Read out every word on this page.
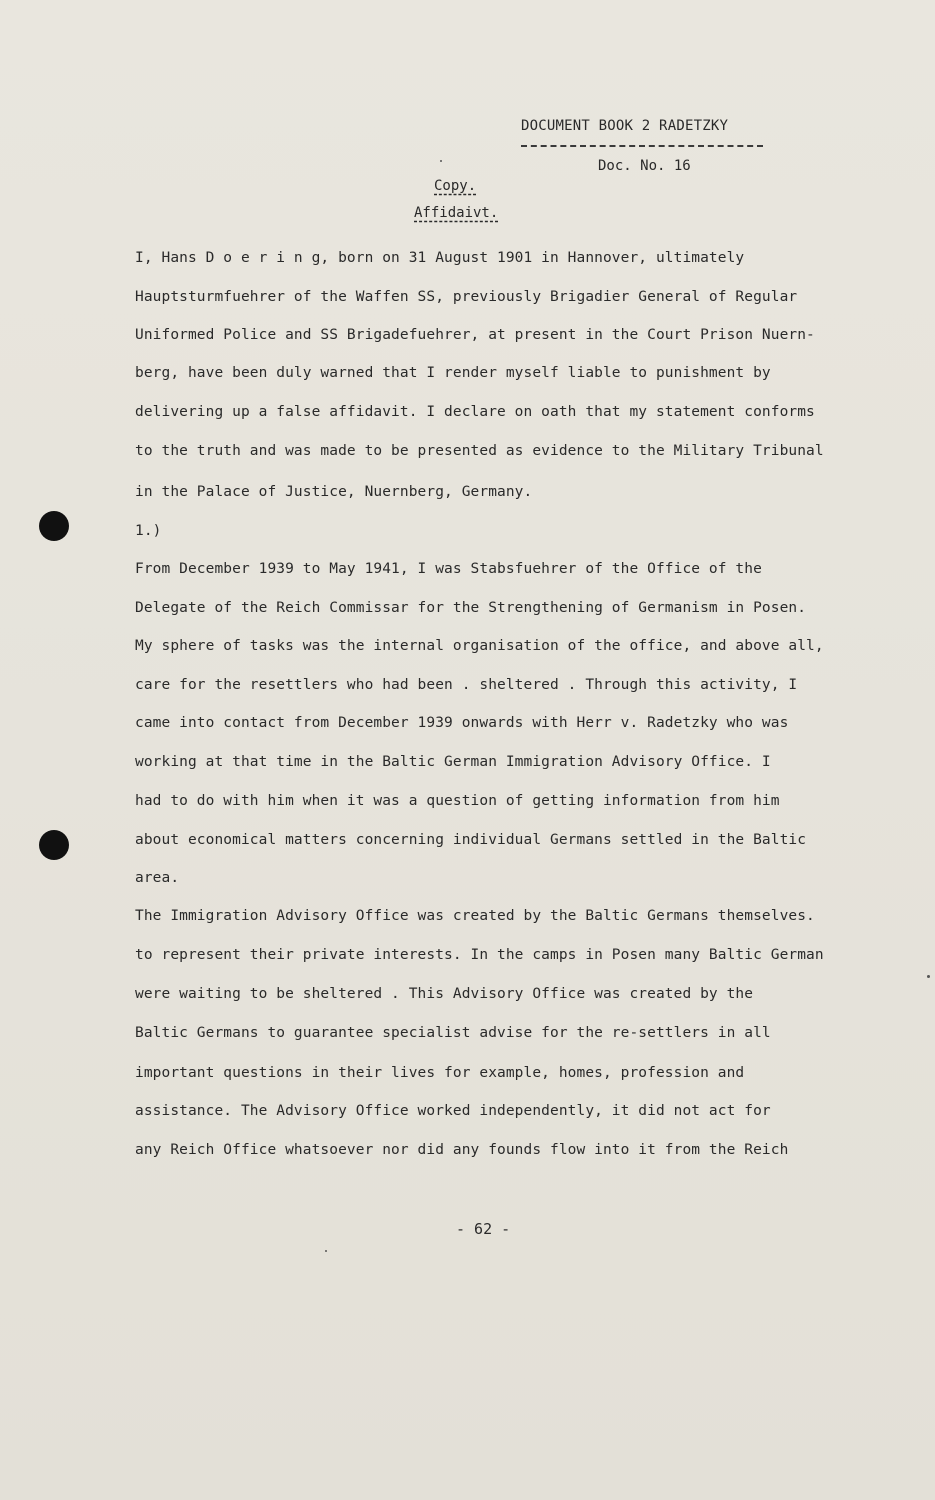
DOCUMENT BOOK 2 RADETZKY
Doc. No. 16
Copy.
Affidaivt.
I, Hans D o e r i n g, born on 31 August 1901 in Hannover, ultimately
Hauptsturmfuehrer of the Waffen SS, previously Brigadier General of Regular
Uniformed Police and SS Brigadefuehrer, at present in the Court Prison Nuern-
berg, have been duly warned that I render myself liable to punishment by
delivering up a false affidavit. I declare on oath that my statement conforms
to the truth and was made to be presented as evidence to the Military Tribunal
in the Palace of Justice, Nuernberg, Germany.
1.)
From December 1939 to May 1941, I was Stabsfuehrer of the Office of the
Delegate of the Reich Commissar for the Strengthening of Germanism in Posen.
My sphere of tasks was the internal organisation of the office, and above all,
care for the resettlers who had been . sheltered . Through this activity, I
came into contact from December 1939 onwards with Herr v. Radetzky who was
working at that time in the Baltic German Immigration Advisory Office. I
had to do with him when it was a question of getting information from him
about economical matters concerning individual Germans settled in the Baltic
area.
The Immigration Advisory Office was created by the Baltic Germans themselves.
to represent their private interests. In the camps in Posen many Baltic German
were waiting to be sheltered . This Advisory Office was created by the
Baltic Germans to guarantee specialist advise for the re-settlers in all
important questions in their lives for example, homes, profession and
assistance. The Advisory Office worked independently, it did not act for
any Reich Office whatsoever nor did any founds flow into it from the Reich
- 62 -
